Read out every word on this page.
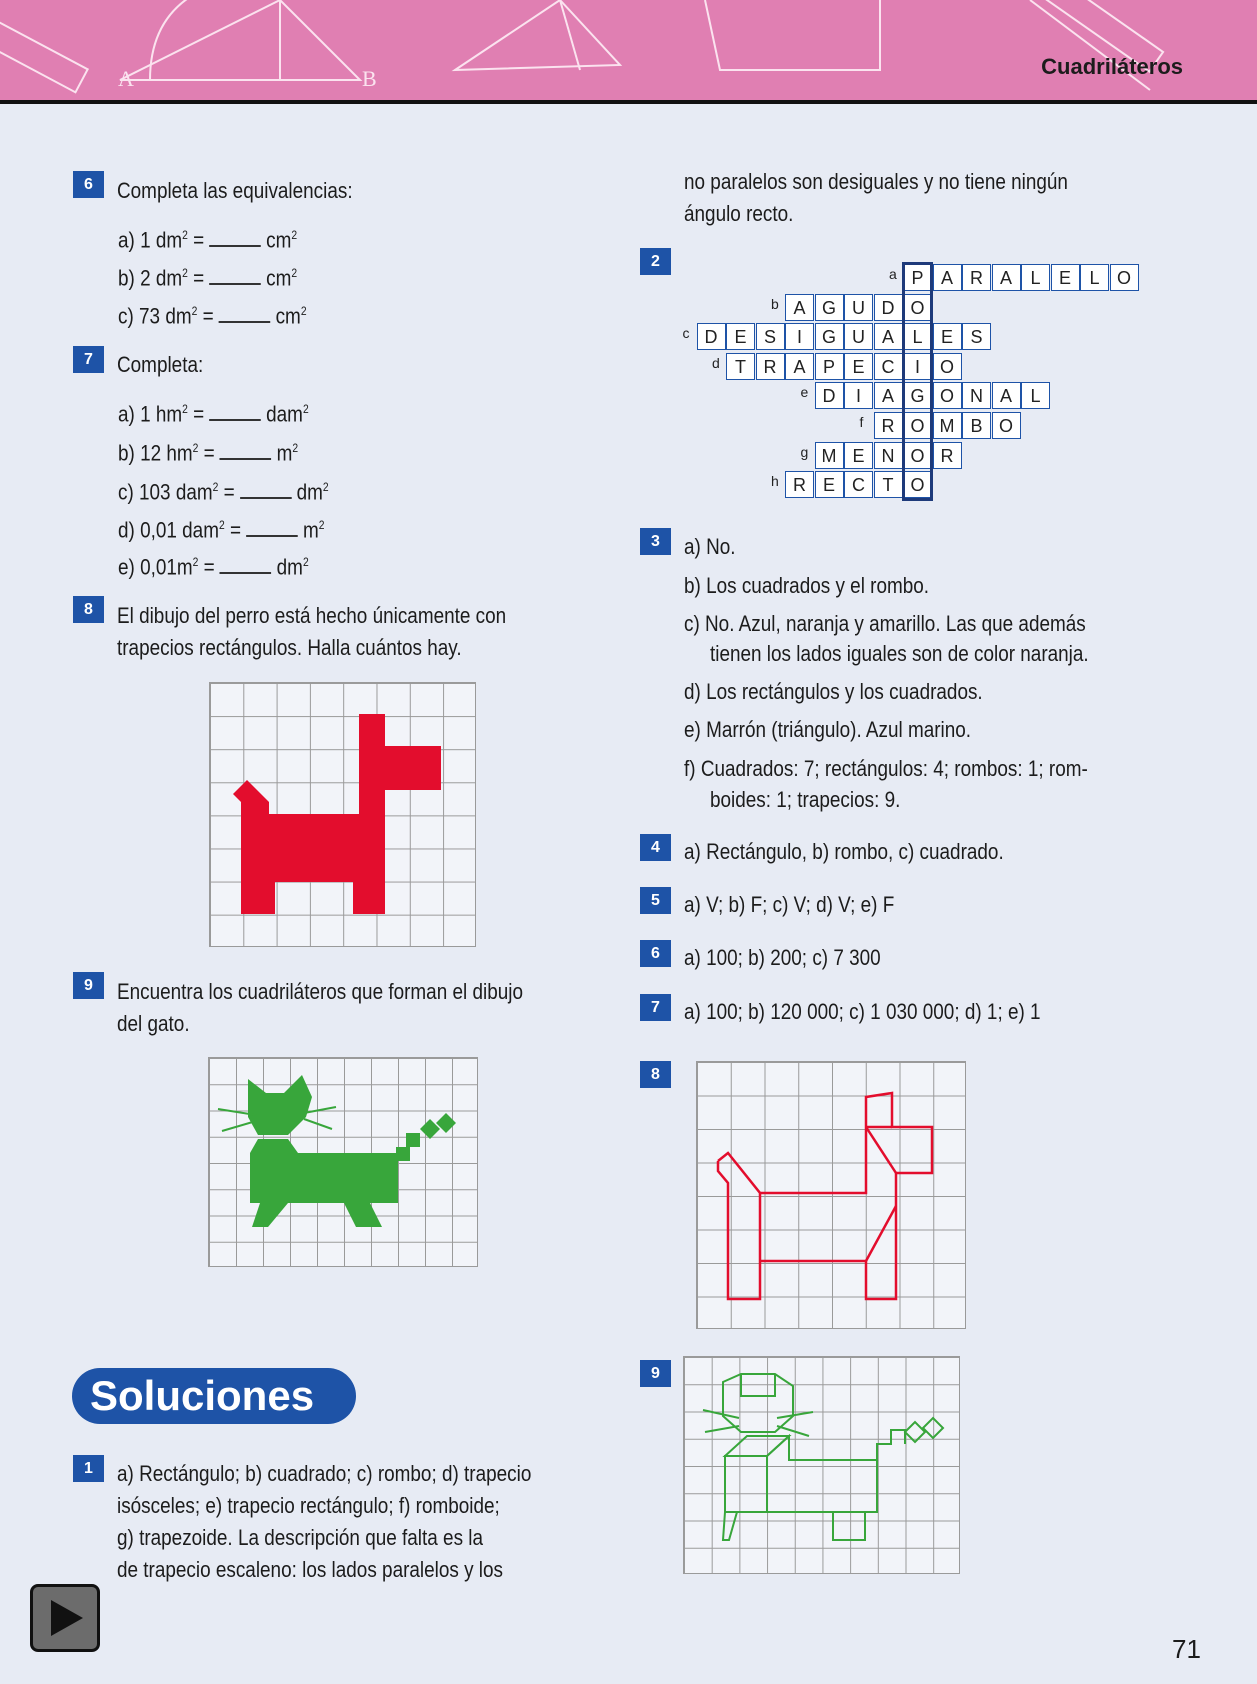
A	B	Cuadriláteros
6	Completa las equivalencias:
a) 1 $dm^2$ =	$cm^2$
b) 2 $dm^2$ =	$cm^2$
c) 73 $dm^2$ =	$cm^2$
7	Completa:
a) 1 $hm^2$ =	dam$^2$
b) 12 $hm^2$ =	$m^2$
c) 103 dam$^2$ =	$dm^2$
d) 0,01 dam$^2$ =	$m^2$
e) $0,01m^2$ =	$dm^2$
8	El dibujo del perro está hecho únicamente con
trapecios rectángulos. Halla cuántos hay.
9	Encuentra los cuadriláteros que forman el dibujo
del gato.
Soluciones
1	a) Rectángulo; b) cuadrado; c) rombo; d) trapecio
isósceles; e) trapecio rectángulo; f) romboide;
g) trapezoide. La descripción que falta es la
de trapecio escaleno: los lados paralelos y los
no paralelos son desiguales y no tiene ningún
ángulo recto.
2
a P A R A	L	E	L O
b A G U D O
c D E S	I	G U A	L	E S
d T R A P E C	I	O
e D	I	A G O N A	L
f	R O M B O
g M E N O R
h R E C T O
3	a) No.
b) Los cuadrados y el rombo.
c) No. Azul, naranja y amarillo. Las que además
tienen los lados iguales son de color naranja.
d) Los rectángulos y los cuadrados.
e) Marrón (triángulo). Azul marino.
f) Cuadrados: 7; rectángulos: 4; rombos: 1; rom-
boides: 1; trapecios: 9.
4	a) Rectángulo, b) rombo, c) cuadrado.
5	a) V; b) F; c) V; d) V; e) F
6	a) 100; b) 200; c) 7 300
7	a) 100; b) 120 000; c) 1 030 000; d) 1; e) 1
8
9
71
